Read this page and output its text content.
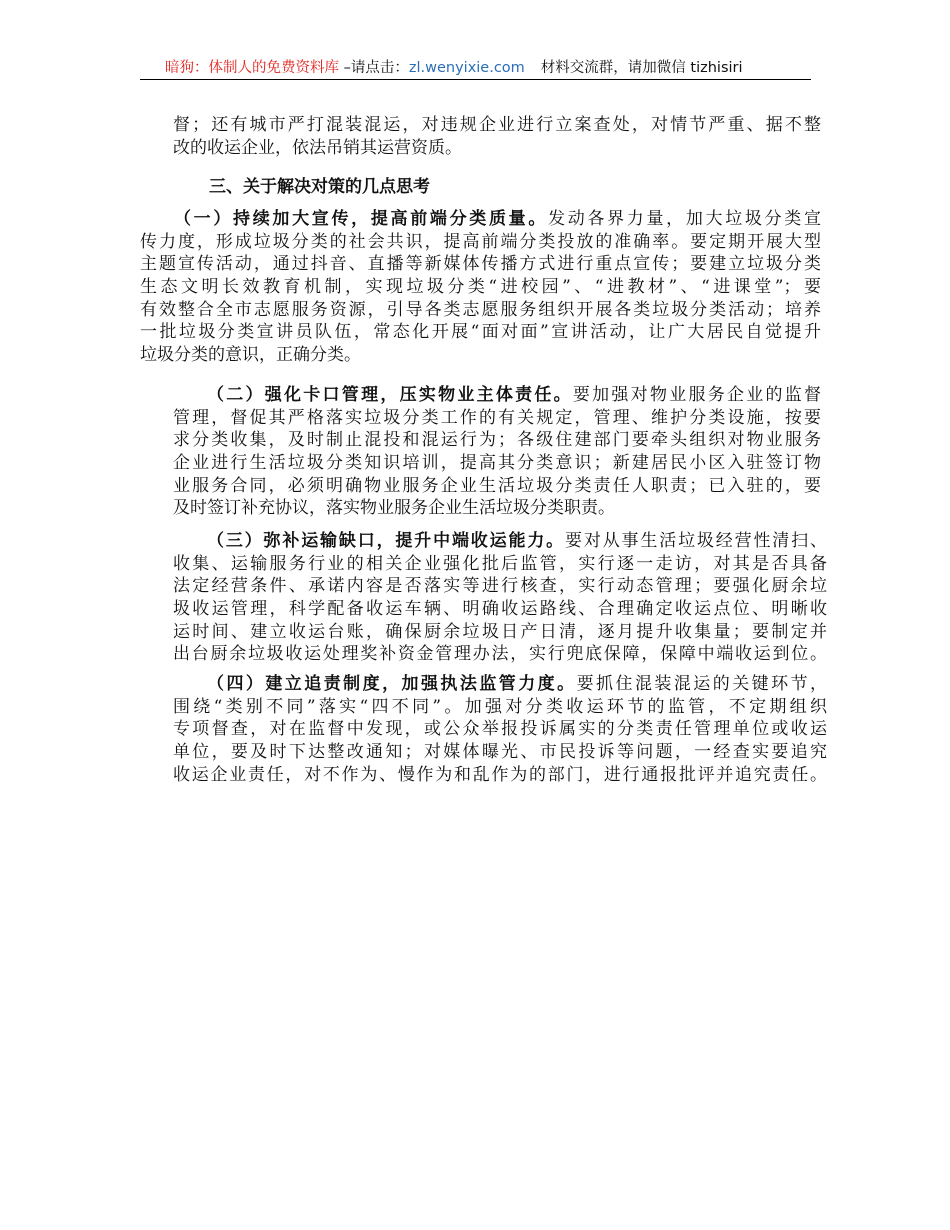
暗狗：体制人的免费资料库 –请点击：zl.wenyixie.com 材料交流群，请加微信 tizhisiri
督；还有城市严打混装混运，对违规企业进行立案查处，对情节严重、据不整
改的收运企业，依法吊销其运营资质。
三、关于解决对策的几点思考
（一）持续加大宣传，提高前端分类质量。发动各界力量，加大垃圾分类宣
传力度，形成垃圾分类的社会共识，提高前端分类投放的准确率。要定期开展大型
主题宣传活动，通过抖音、直播等新媒体传播方式进行重点宣传；要建立垃圾分类
生态文明长效教育机制，实现垃圾分类“进校园”、“进教材”、“进课堂”；要
有效整合全市志愿服务资源，引导各类志愿服务组织开展各类垃圾分类活动；培养
一批垃圾分类宣讲员队伍，常态化开展“面对面”宣讲活动，让广大居民自觉提升
垃圾分类的意识，正确分类。
（二）强化卡口管理，压实物业主体责任。要加强对物业服务企业的监督
管理，督促其严格落实垃圾分类工作的有关规定，管理、维护分类设施，按要
求分类收集，及时制止混投和混运行为；各级住建部门要牵头组织对物业服务
企业进行生活垃圾分类知识培训，提高其分类意识；新建居民小区入驻签订物
业服务合同，必须明确物业服务企业生活垃圾分类责任人职责；已入驻的，要
及时签订补充协议，落实物业服务企业生活垃圾分类职责。
（三）弥补运输缺口，提升中端收运能力。要对从事生活垃圾经营性清扫、
收集、运输服务行业的相关企业强化批后监管，实行逐一走访，对其是否具备
法定经营条件、承诺内容是否落实等进行核查，实行动态管理；要强化厨余垃
圾收运管理，科学配备收运车辆、明确收运路线、合理确定收运点位、明晰收
运时间、建立收运台账，确保厨余垃圾日产日清，逐月提升收集量；要制定并
出台厨余垃圾收运处理奖补资金管理办法，实行兜底保障，保障中端收运到位。
（四）建立追责制度，加强执法监管力度。要抓住混装混运的关键环节，
围绕“类别不同”落实“四不同”。加强对分类收运环节的监管，不定期组织
专项督查，对在监督中发现，或公众举报投诉属实的分类责任管理单位或收运
单位，要及时下达整改通知；对媒体曝光、市民投诉等问题，一经查实要追究
收运企业责任，对不作为、慢作为和乱作为的部门，进行通报批评并追究责任。
